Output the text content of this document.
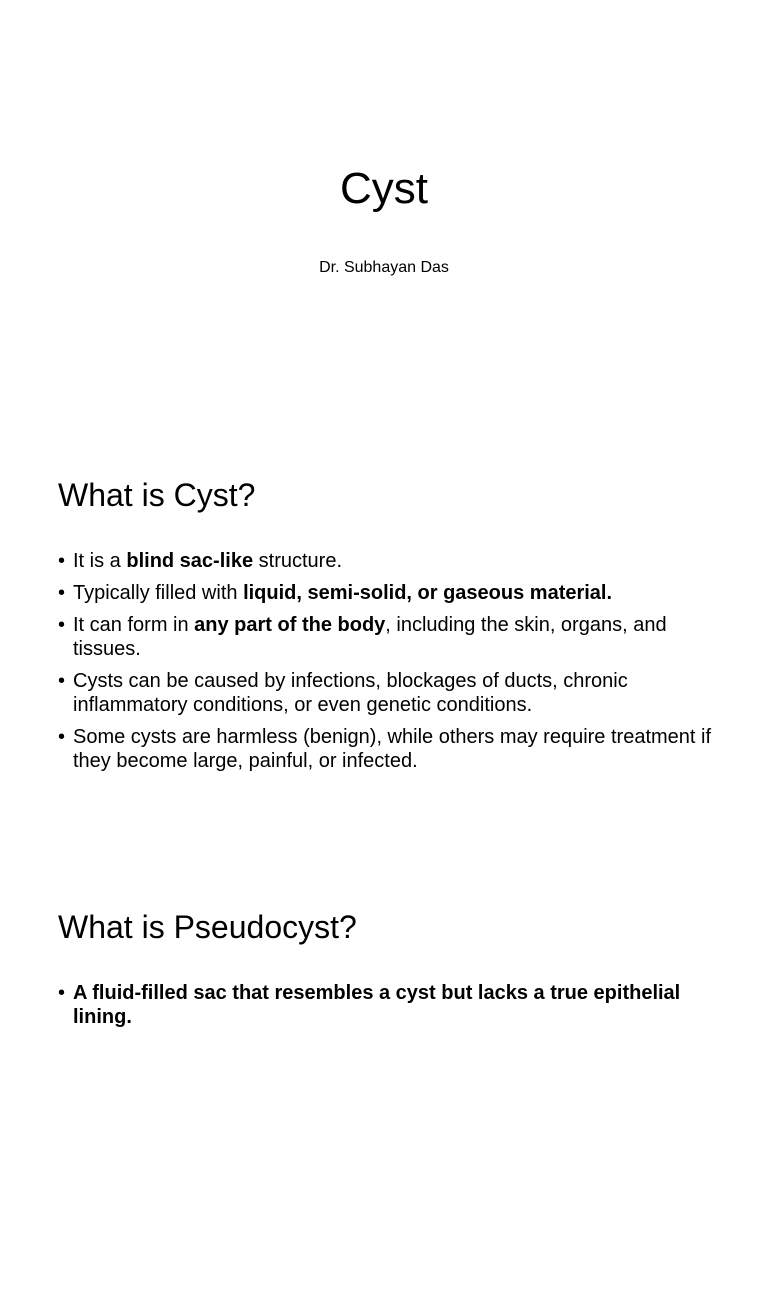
Cyst

Dr. Subhayan Das

What is Cyst?
• It is a blind sac-like structure.
• Typically filled with liquid, semi-solid, or gaseous material.
• It can form in any part of the body, including the skin, organs, and tissues.
• Cysts can be caused by infections, blockages of ducts, chronic inflammatory conditions, or even genetic conditions.
• Some cysts are harmless (benign), while others may require treatment if they become large, painful, or infected.
What is Pseudocyst?
• A fluid-filled sac that resembles a cyst but lacks a true epithelial lining.
